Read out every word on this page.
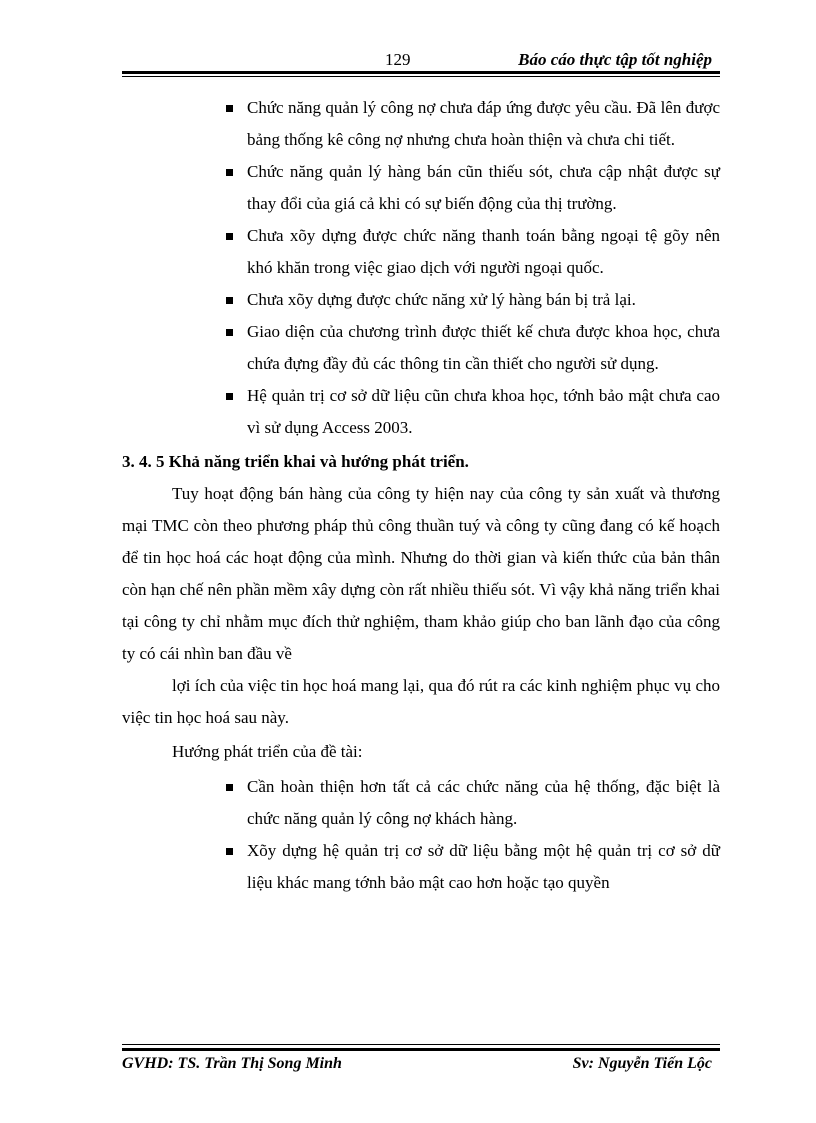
129	Báo cáo thực tập tốt nghiệp
Chức năng quản lý công nợ chưa đáp ứng được yêu cầu. Đã lên được bảng thống kê công nợ nhưng chưa hoàn thiện và chưa chi tiết.
Chức năng quản lý hàng bán cũn thiếu sót, chưa cập nhật được sự thay đổi của giá cả khi có sự biến động của thị trường.
Chưa xõy dựng được chức năng thanh toán bằng ngoại tệ gõy nên khó khăn trong việc giao dịch với người ngoại quốc.
Chưa xõy dựng được chức năng xử lý hàng bán bị trả lại.
Giao diện của chương trình được thiết kế chưa được khoa học, chưa chứa đựng đầy đủ các thông tin cần thiết cho người sử dụng.
Hệ quản trị cơ sở dữ liệu cũn chưa khoa học, tớnh bảo mật chưa cao vì sử dụng Access 2003.
3. 4. 5 Khả năng triển khai và hướng phát triển.

Tuy hoạt động bán hàng của công ty hiện nay của công ty sản xuất và thương mại TMC còn theo phương pháp thủ công thuần tuý và công ty cũng đang có kế hoạch để tin học hoá các hoạt động của mình. Nhưng do thời gian và kiến thức của bản thân còn hạn chế nên phần mềm xây dựng còn rất nhiều thiếu sót. Vì vậy khả năng triển khai tại công ty chỉ nhằm mục đích thử nghiệm, tham khảo giúp cho ban lãnh đạo của công ty có cái nhìn ban đầu về

lợi ích của việc tin học hoá mang lại, qua đó rút ra các kinh nghiệm phục vụ cho việc tin học hoá sau này.

Hướng phát triển của đề tài:
Cần hoàn thiện hơn tất cả các chức năng của hệ thống, đặc biệt là chức năng quản lý công nợ khách hàng.
Xõy dựng hệ quản trị cơ sở dữ liệu bằng một hệ quản trị cơ sở dữ liệu khác mang tớnh bảo mật cao hơn hoặc tạo quyền
GVHD: TS. Trần Thị Song Minh	Sv: Nguyễn Tiến Lộc
